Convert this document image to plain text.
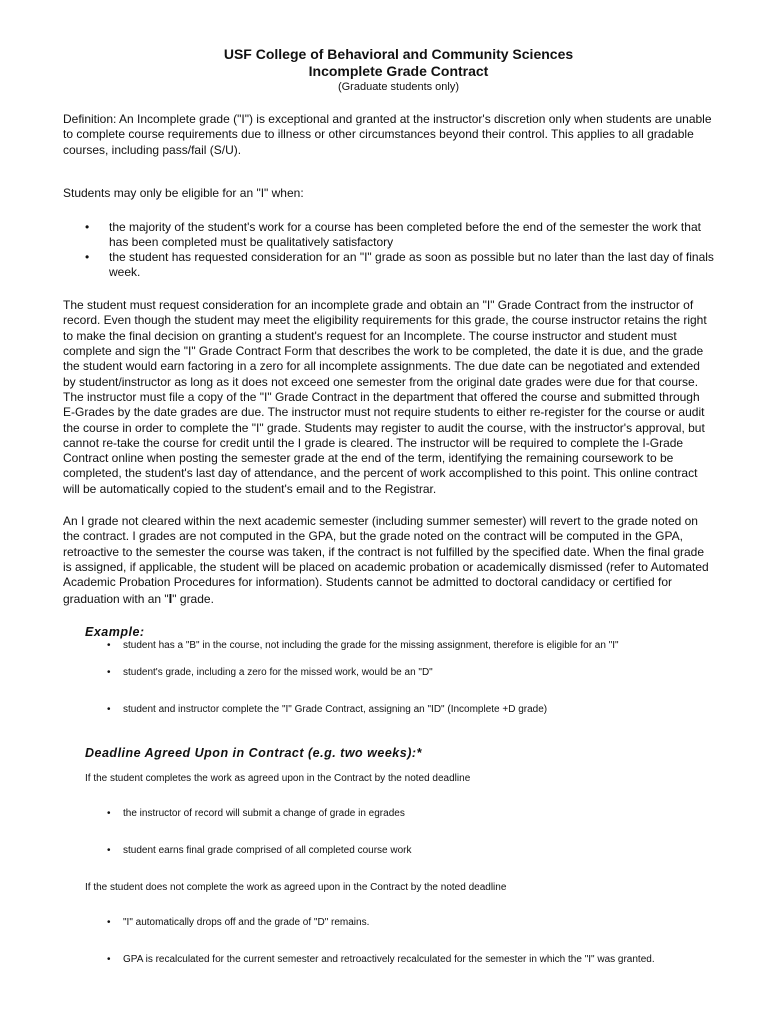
USF College of Behavioral and Community Sciences
Incomplete Grade Contract
(Graduate students only)

Definition: An Incomplete grade ("I") is exceptional and granted at the instructor's discretion only when students are unable to complete course requirements due to illness or other circumstances beyond their control. This applies to all gradable courses, including pass/fail (S/U).

Students may only be eligible for an "I" when:

• the majority of the student's work for a course has been completed before the end of the semester the work that has been completed must be qualitatively satisfactory
• the student has requested consideration for an "I" grade as soon as possible but no later than the last day of finals week.

The student must request consideration for an incomplete grade and obtain an "I" Grade Contract from the instructor of record. Even though the student may meet the eligibility requirements for this grade, the course instructor retains the right to make the final decision on granting a student's request for an Incomplete. The course instructor and student must complete and sign the "I" Grade Contract Form that describes the work to be completed, the date it is due, and the grade the student would earn factoring in a zero for all incomplete assignments. The due date can be negotiated and extended by student/instructor as long as it does not exceed one semester from the original date grades were due for that course. The instructor must file a copy of the "I" Grade Contract in the department that offered the course and submitted through E-Grades by the date grades are due. The instructor must not require students to either re-register for the course or audit the course in order to complete the "I" grade. Students may register to audit the course, with the instructor's approval, but cannot re-take the course for credit until the I grade is cleared. The instructor will be required to complete the I-Grade Contract online when posting the semester grade at the end of the term, identifying the remaining coursework to be completed, the student's last day of attendance, and the percent of work accomplished to this point. This online contract will be automatically copied to the student's email and to the Registrar.

An I grade not cleared within the next academic semester (including summer semester) will revert to the grade noted on the contract. I grades are not computed in the GPA, but the grade noted on the contract will be computed in the GPA, retroactive to the semester the course was taken, if the contract is not fulfilled by the specified date. When the final grade is assigned, if applicable, the student will be placed on academic probation or academically dismissed (refer to Automated Academic Probation Procedures for information). Students cannot be admitted to doctoral candidacy or certified for graduation with an "I" grade.

Example:
• student has a "B" in the course, not including the grade for the missing assignment, therefore is eligible for an "I"
• student's grade, including a zero for the missed work, would be an "D"
• student and instructor complete the "I" Grade Contract, assigning an "ID" (Incomplete +D grade)
Deadline Agreed Upon in Contract (e.g. two weeks):*

If the student completes the work as agreed upon in the Contract by the noted deadline

• the instructor of record will submit a change of grade in egrades
• student earns final grade comprised of all completed course work

If the student does not complete the work as agreed upon in the Contract by the noted deadline

• "I" automatically drops off and the grade of "D" remains.
• GPA is recalculated for the current semester and retroactively recalculated for the semester in which the "I" was granted.
